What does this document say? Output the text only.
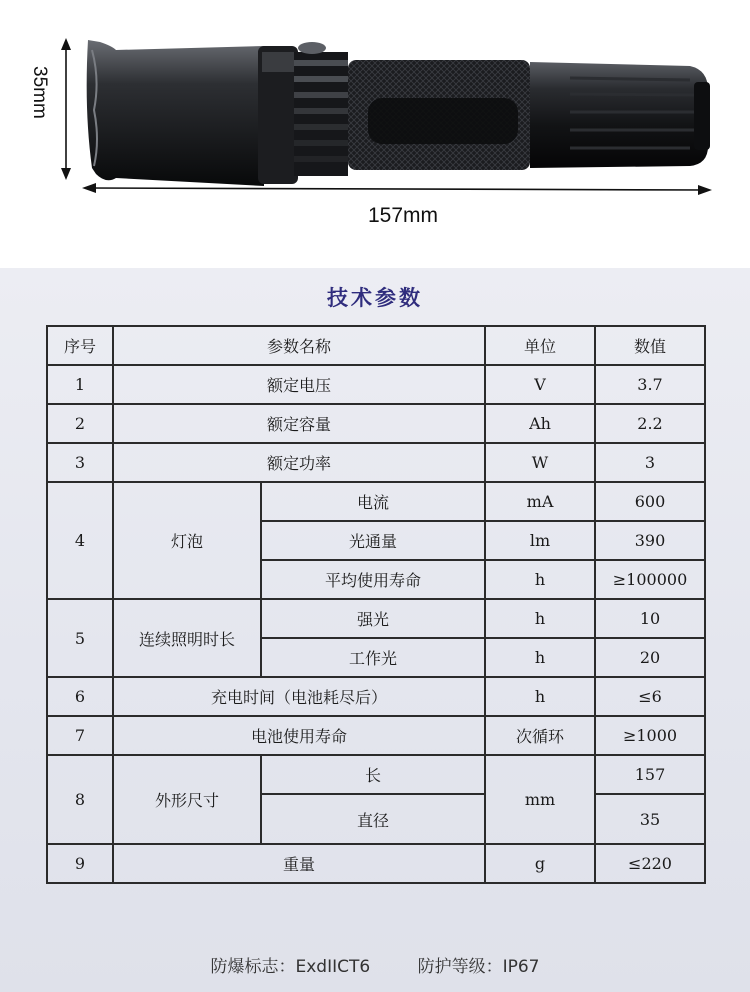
35mm
157mm
技术参数
序号	参数名称		单位	数值
1	额定电压		V	3.7
2	额定容量		Ah	2.2
3	额定功率		W	3
4	灯泡	电流	mA	600
		光通量	lm	390
		平均使用寿命	h	≥100000
5	连续照明时长	强光	h	10
		工作光	h	20
6	充电时间（电池耗尽后）		h	≤6
7	电池使用寿命		次循环	≥1000
8	外形尺寸	长	mm	157
		直径		35
9	重量		g	≤220
防爆标志：ExdIICT6	防护等级：IP67
